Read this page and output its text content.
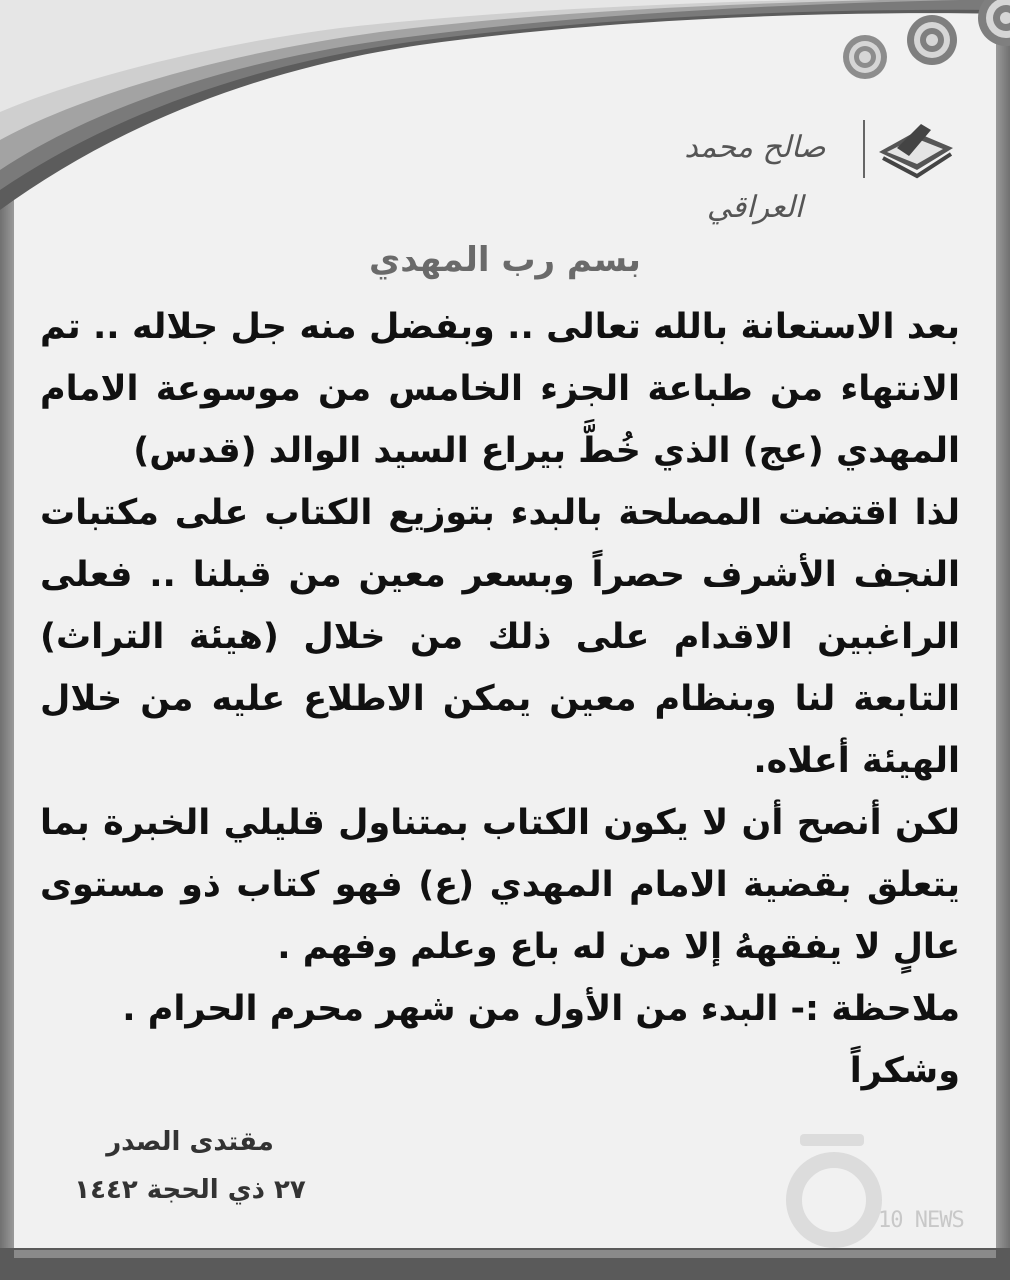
صالح محمد العراقي
بسم رب المهدي

بعد الاستعانة بالله تعالى .. وبفضل منه جل جلاله .. تم الانتهاء من طباعة الجزء الخامس من موسوعة الامام المهدي (عج) الذي خُطَّ بيراع السيد الوالد (قدس)

لذا اقتضت المصلحة بالبدء بتوزيع الكتاب على مكتبات النجف الأشرف حصراً وبسعر معين من قبلنا .. فعلى الراغبين الاقدام على ذلك من خلال (هيئة التراث) التابعة لنا وبنظام معين يمكن الاطلاع عليه من خلال الهيئة أعلاه.

لكن أنصح أن لا يكون الكتاب بمتناول قليلي الخبرة بما يتعلق بقضية الامام المهدي (ع) فهو كتاب ذو مستوى عالٍ لا يفقههُ إلا من له باع وعلم وفهم .

ملاحظة :- البدء من الأول من شهر محرم الحرام .

وشكراً

مقتدى الصدر
٢٧ ذي الحجة ١٤٤٢
10 NEWS
